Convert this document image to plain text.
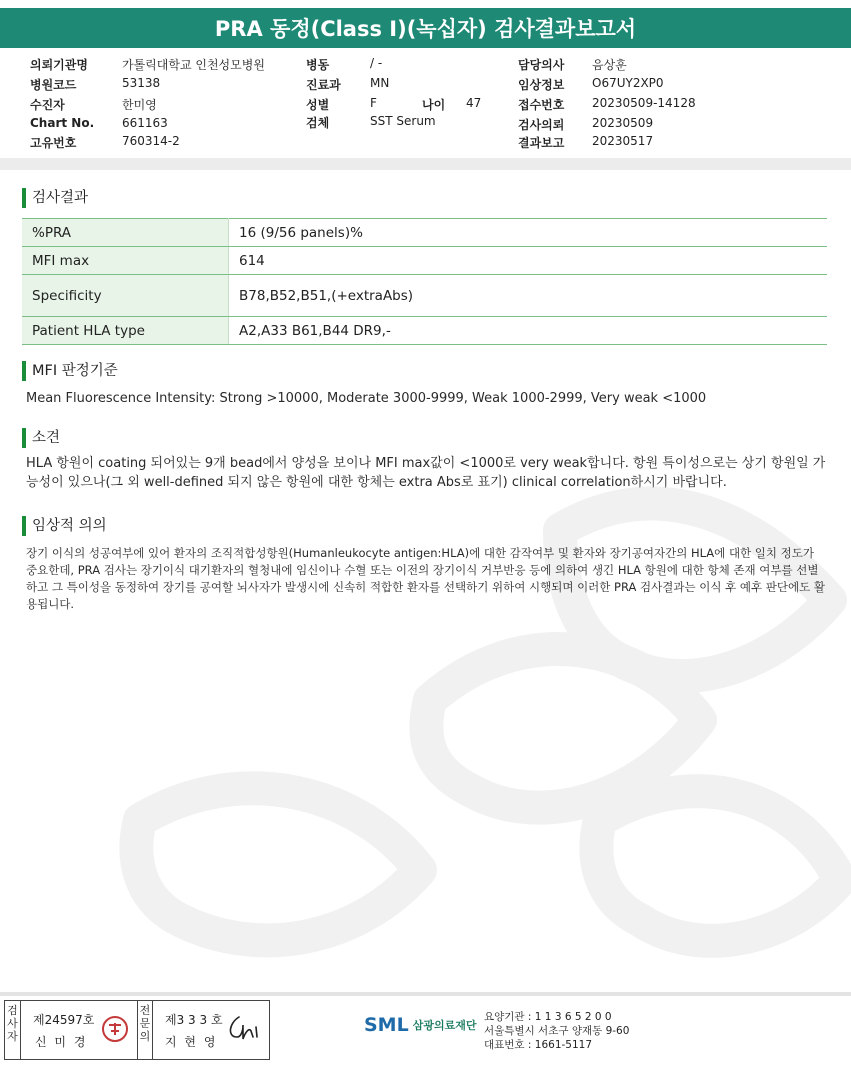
PRA 동정(Class I)(녹십자) 검사결과보고서
의뢰기관명	가톨릭대학교 인천성모병원
병원코드	53138
수진자	한미영
Chart No. 661163
고유번호	760314-2
병동	/ -
진료과 MN
성별	F	나이 47
검체	SST Serum
담당의사 음상훈
임상정보 O67UY2XP0
접수번호 20230509-14128
검사의뢰 20230509
결과보고 20230517
검사결과
%PRA	16 (9/56 panels)%
MFI max	614
Specificity	B78,B52,B51,(+extraAbs)
Patient HLA type	A2,A33 B61,B44 DR9,-
MFI 판정기준
Mean Fluorescence Intensity: Strong >10000, Moderate 3000-9999, Weak 1000-2999, Very weak <1000
소견
HLA 항원이 coating 되어있는 9개 bead에서 양성을 보이나 MFI max값이 <1000로 very weak합니다. 항원 특이성으로는 상기 항원일 가능성이 있으나(그 외 well-defined 되지 않은 항원에 대한 항체는 extra Abs로 표기) clinical correlation하시기 바랍니다.
임상적 의의
장기 이식의 성공여부에 있어 환자의 조직적합성항원(Humanleukocyte antigen:HLA)에 대한 감작여부 및 환자와 장기공여자간의 HLA에 대한 일치 정도가 중요한데, PRA 검사는 장기이식 대기환자의 혈청내에 임신이나 수혈 또는 이전의 장기이식 거부반응 등에 의하여 생긴 HLA 항원에 대한 항체 존재 여부를 선별하고 그 특이성을 동정하여 장기를 공여할 뇌사자가 발생시에 신속히 적합한 환자를 선택하기 위하여 시행되며 이러한 PRA 검사결과는 이식 후 예후 판단에도 활용됩니다.
검사자
제24597호
신 미 경
전문의
제3 3 3 호
지 현 영
SML 삼광의료재단
요양기관 : 1 1 3 6 5 2 0 0
서울특별시 서초구 양재동 9-60
대표번호 : 1661-5117
